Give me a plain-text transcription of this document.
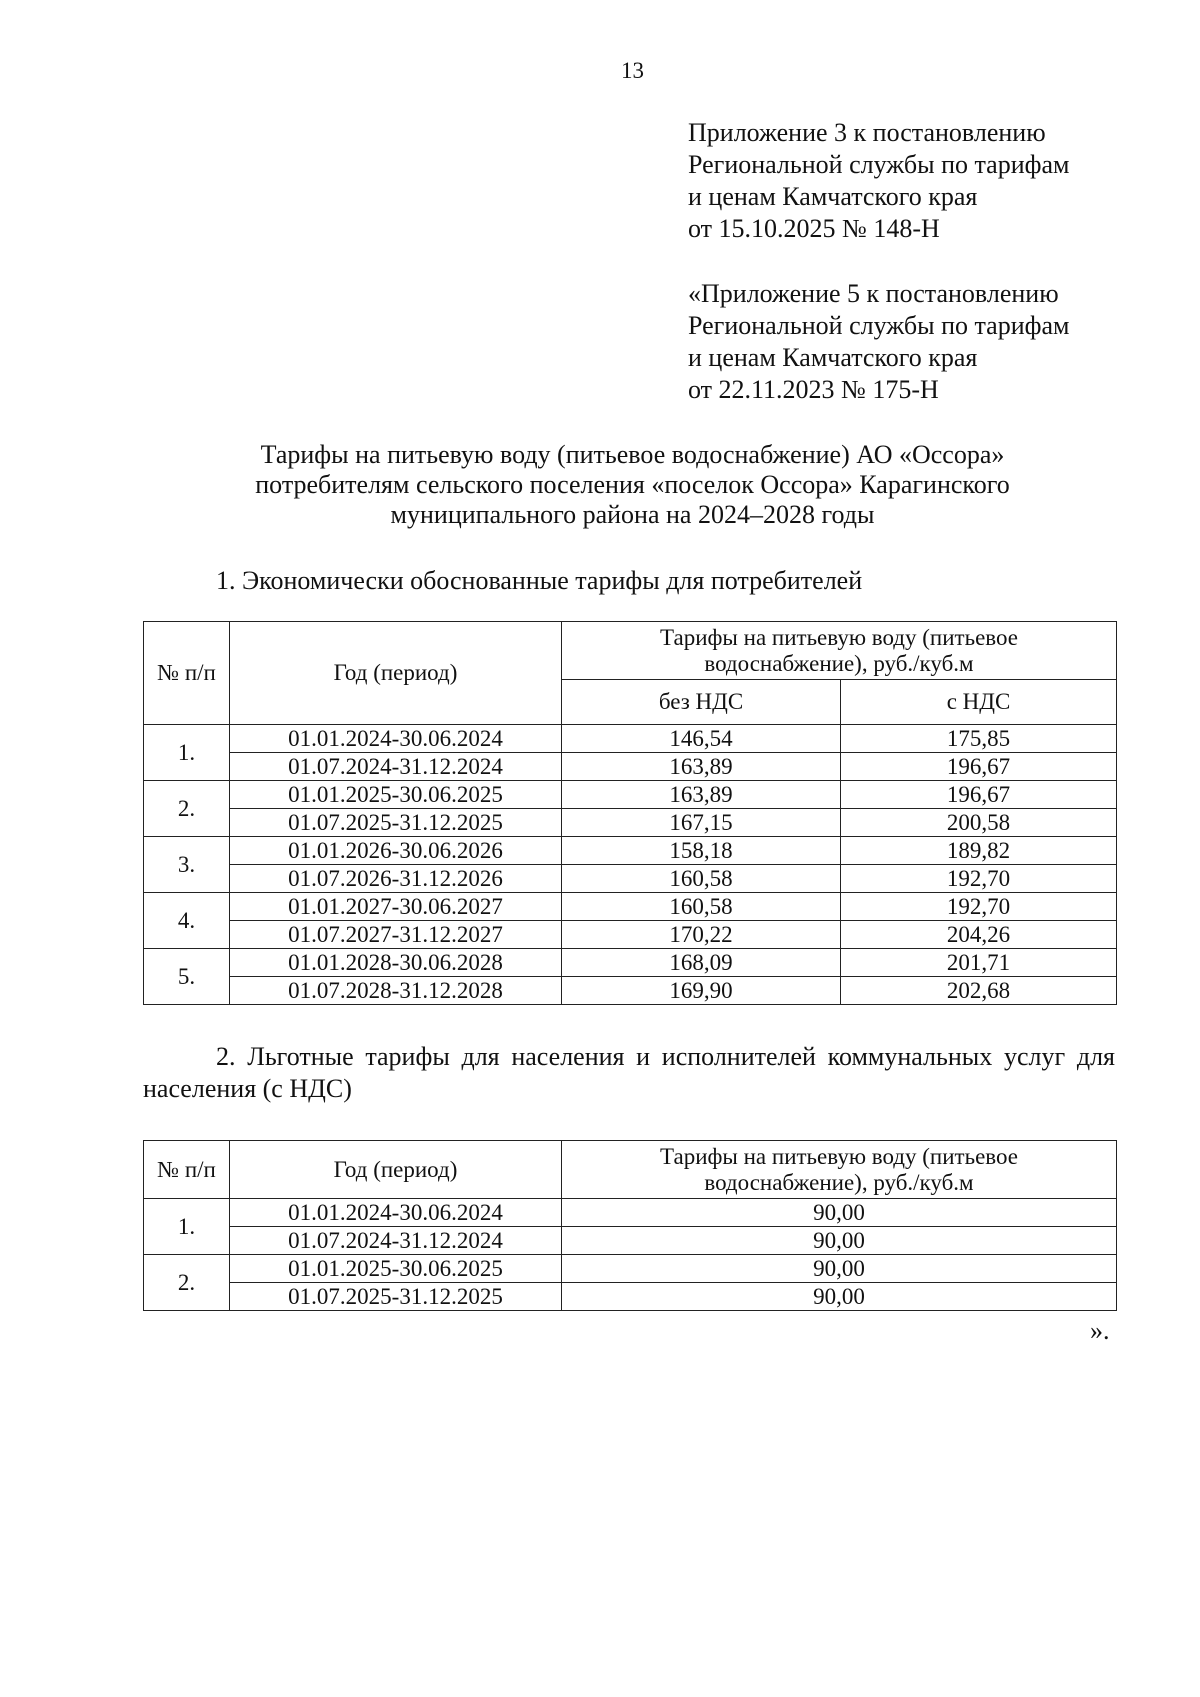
13
Приложение 3 к постановлению
Региональной службы по тарифам
и ценам Камчатского края
от 15.10.2025 № 148-Н
«Приложение 5 к постановлению
Региональной службы по тарифам
и ценам Камчатского края
от 22.11.2023 № 175-Н
Тарифы на питьевую воду (питьевое водоснабжение) АО «Оссора»
потребителям сельского поселения «поселок Оссора» Карагинского
муниципального района на 2024–2028 годы
1. Экономически обоснованные тарифы для потребителей
№ п/п	Год (период)	Тарифы на питьевую воду (питьевое
водоснабжение), руб./куб.м	
		без НДС	с НДС
1.	01.01.2024-30.06.2024	146,54	175,85
	01.07.2024-31.12.2024	163,89	196,67
2.	01.01.2025-30.06.2025	163,89	196,67
	01.07.2025-31.12.2025	167,15	200,58
3.	01.01.2026-30.06.2026	158,18	189,82
	01.07.2026-31.12.2026	160,58	192,70
4.	01.01.2027-30.06.2027	160,58	192,70
	01.07.2027-31.12.2027	170,22	204,26
5.	01.01.2028-30.06.2028	168,09	201,71
	01.07.2028-31.12.2028	169,90	202,68
2. Льготные тарифы для населения и исполнителей коммунальных услуг для населения (с НДС)
№ п/п	Год (период)	Тарифы на питьевую воду (питьевое
водоснабжение), руб./куб.м
1.	01.01.2024-30.06.2024	90,00
	01.07.2024-31.12.2024	90,00
2.	01.01.2025-30.06.2025	90,00
	01.07.2025-31.12.2025	90,00
».
